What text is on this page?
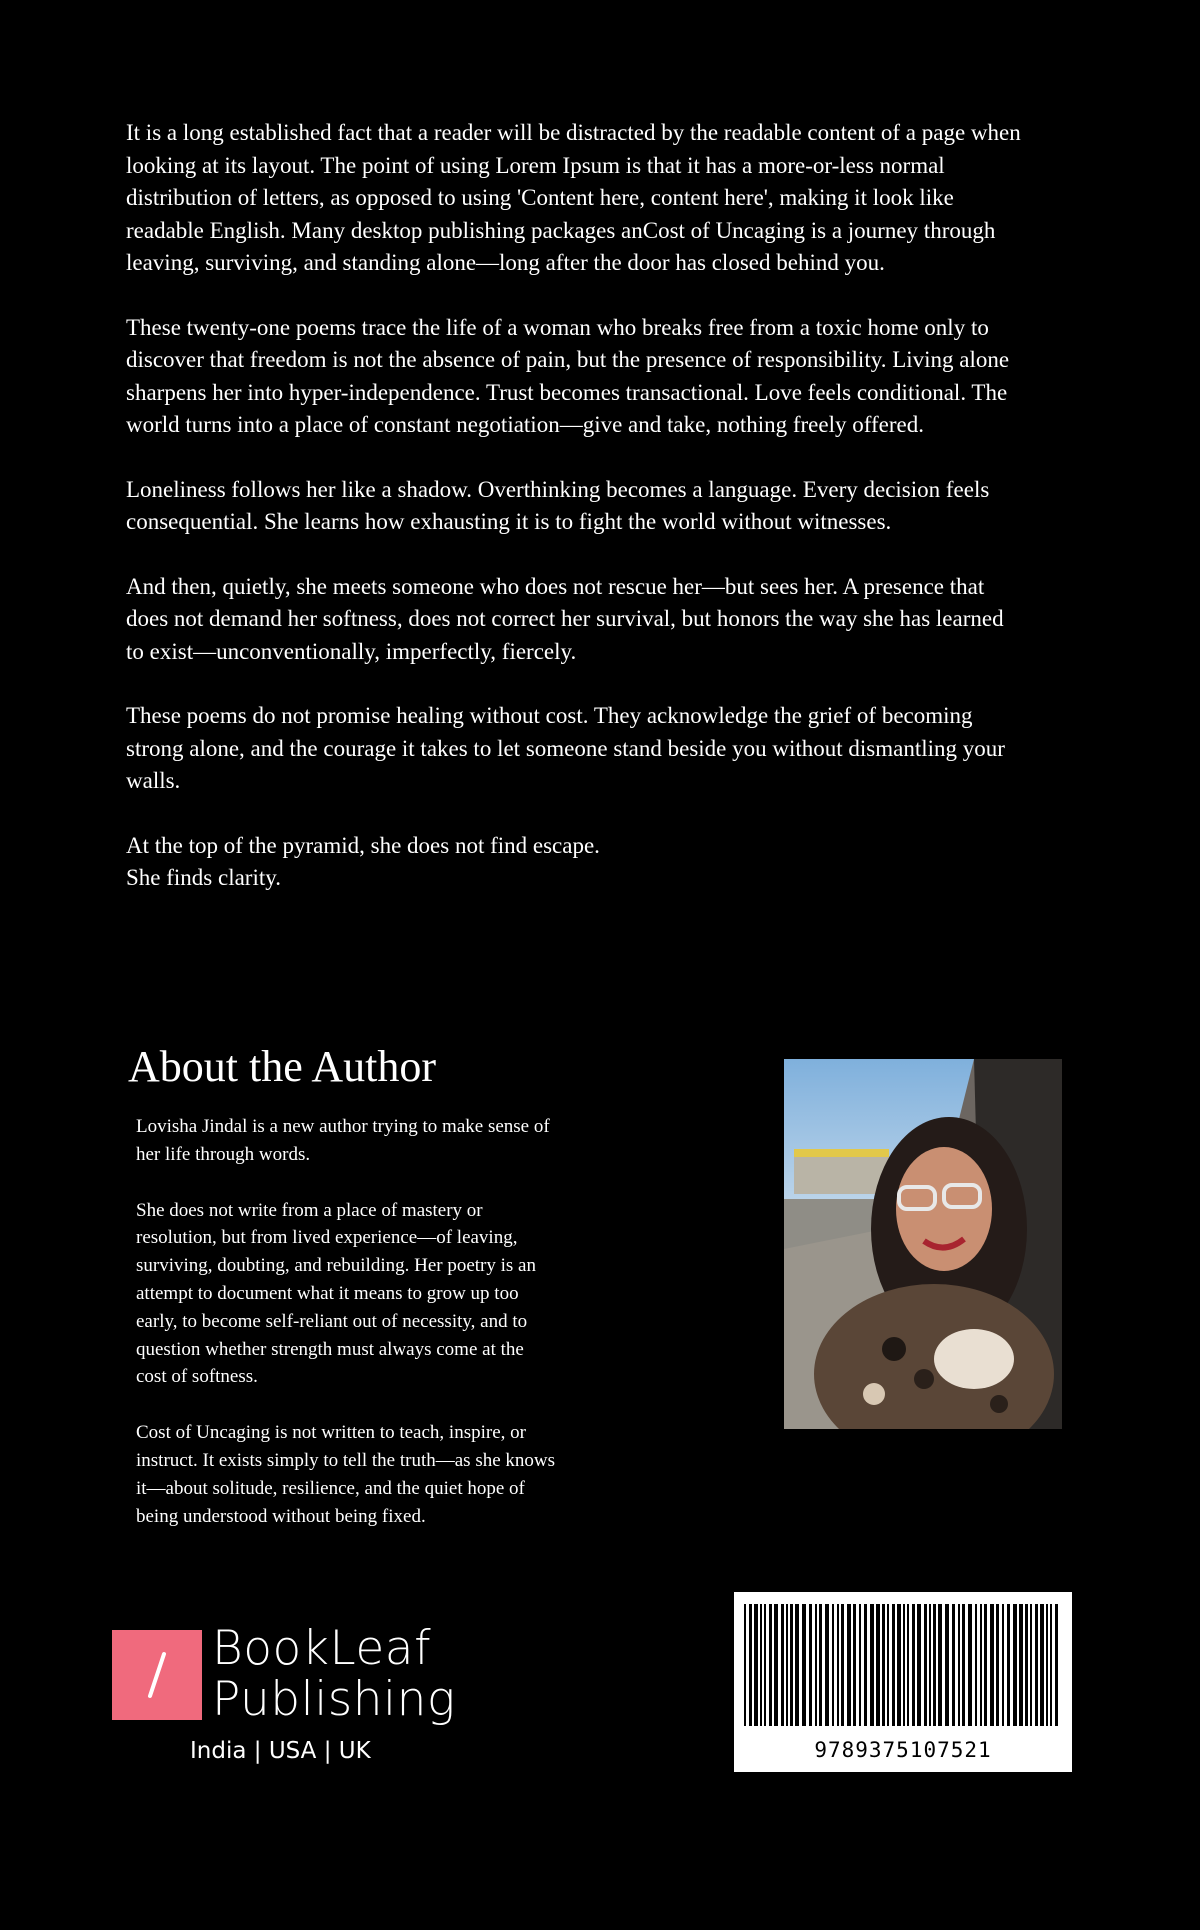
It is a long established fact that a reader will be distracted by the readable content of a page when looking at its layout. The point of using Lorem Ipsum is that it has a more-or-less normal distribution of letters, as opposed to using 'Content here, content here', making it look like readable English. Many desktop publishing packages anCost of Uncaging is a journey through leaving, surviving, and standing alone—long after the door has closed behind you.

These twenty-one poems trace the life of a woman who breaks free from a toxic home only to discover that freedom is not the absence of pain, but the presence of responsibility. Living alone sharpens her into hyper-independence. Trust becomes transactional. Love feels conditional. The world turns into a place of constant negotiation—give and take, nothing freely offered.

Loneliness follows her like a shadow. Overthinking becomes a language. Every decision feels consequential. She learns how exhausting it is to fight the world without witnesses.

And then, quietly, she meets someone who does not rescue her—but sees her. A presence that does not demand her softness, does not correct her survival, but honors the way she has learned to exist—unconventionally, imperfectly, fiercely.

These poems do not promise healing without cost. They acknowledge the grief of becoming strong alone, and the courage it takes to let someone stand beside you without dismantling your walls.

At the top of the pyramid, she does not find escape.
She finds clarity.

About the Author

Lovisha Jindal is a new author trying to make sense of her life through words.

She does not write from a place of mastery or resolution, but from lived experience—of leaving, surviving, doubting, and rebuilding. Her poetry is an attempt to document what it means to grow up too early, to become self-reliant out of necessity, and to question whether strength must always come at the cost of softness.

Cost of Uncaging is not written to teach, inspire, or instruct. It exists simply to tell the truth—as she knows it—about solitude, resilience, and the quiet hope of being understood without being fixed.

BookLeaf
Publishing
India | USA | UK	9789375107521
